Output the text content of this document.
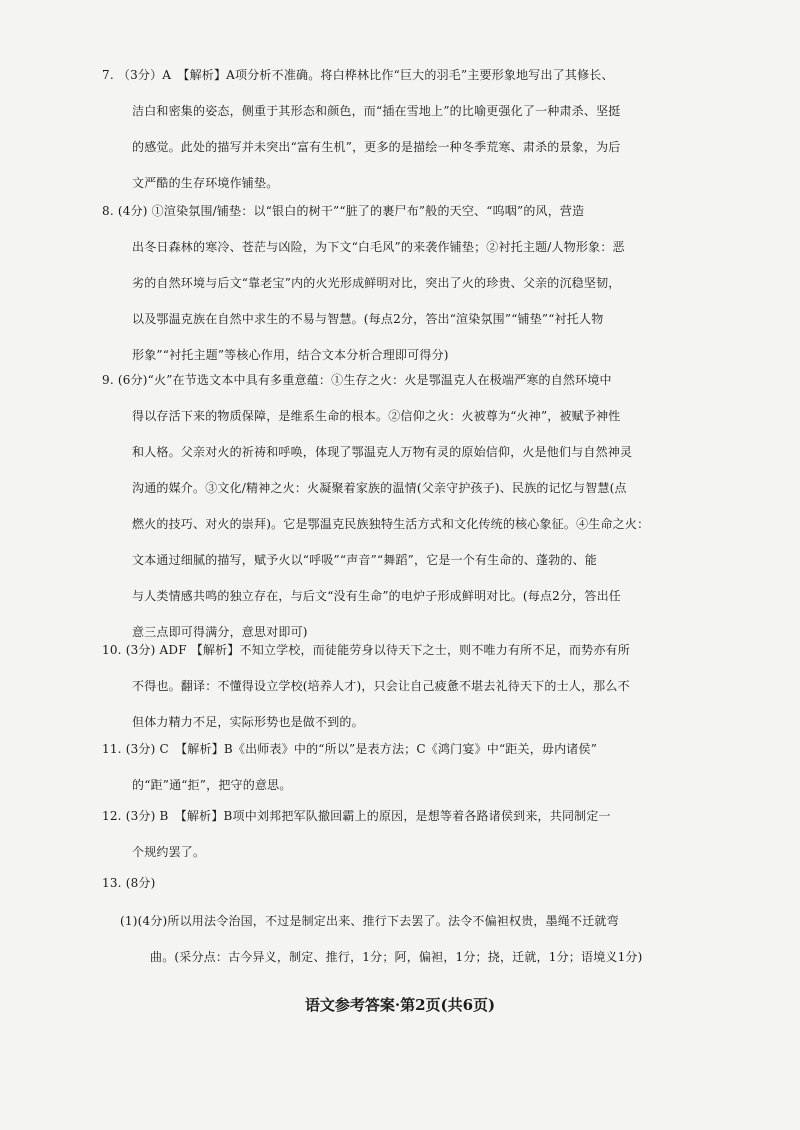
7. （3分）A　【解析】A项分析不准确。将白桦林比作“巨大的羽毛”主要形象地写出了其修长、
洁白和密集的姿态，侧重于其形态和颜色，而“插在雪地上”的比喻更强化了一种肃杀、坚挺
的感觉。此处的描写并未突出“富有生机”，更多的是描绘一种冬季荒寒、肃杀的景象，为后
文严酷的生存环境作铺垫。
8. (4分) ①渲染氛围/铺垫：以“银白的树干”“脏了的裹尸布”般的天空、“呜咽”的风，营造
出冬日森林的寒冷、苍茫与凶险，为下文“白毛风”的来袭作铺垫；②衬托主题/人物形象：恶
劣的自然环境与后文“靠老宝”内的火光形成鲜明对比，突出了火的珍贵、父亲的沉稳坚韧，
以及鄂温克族在自然中求生的不易与智慧。(每点2分，答出“渲染氛围”“铺垫”“衬托人物
形象”“衬托主题”等核心作用，结合文本分析合理即可得分)
9. (6分)“火”在节选文本中具有多重意蕴：①生存之火：火是鄂温克人在极端严寒的自然环境中
得以存活下来的物质保障，是维系生命的根本。②信仰之火：火被尊为“火神”，被赋予神性
和人格。父亲对火的祈祷和呼唤，体现了鄂温克人万物有灵的原始信仰，火是他们与自然神灵
沟通的媒介。③文化/精神之火：火凝聚着家族的温情(父亲守护孩子)、民族的记忆与智慧(点
燃火的技巧、对火的崇拜)。它是鄂温克民族独特生活方式和文化传统的核心象征。④生命之火：
文本通过细腻的描写，赋予火以“呼吸”“声音”“舞蹈”，它是一个有生命的、蓬勃的、能
与人类情感共鸣的独立存在，与后文“没有生命”的电炉子形成鲜明对比。(每点2分，答出任
意三点即可得满分，意思对即可)
10. (3分) ADF 【解析】不知立学校，而徒能劳身以待天下之士，则不唯力有所不足，而势亦有所
不得也。翻译：不懂得设立学校(培养人才)，只会让自己疲惫不堪去礼待天下的士人，那么不
但体力精力不足，实际形势也是做不到的。
11. (3分) C　【解析】B《出师表》中的“所以”是表方法；C《鸿门宴》中“距关，毋内诸侯”
的“距”通“拒”，把守的意思。
12. (3分) B　【解析】B项中刘邦把军队撤回霸上的原因，是想等着各路诸侯到来，共同制定一
个规约罢了。
13. (8分)
(1)(4分)所以用法令治国，不过是制定出来、推行下去罢了。法令不偏袒权贵，墨绳不迁就弯
曲。(采分点：古今异义，制定、推行，1分；阿，偏袒，1分；挠，迁就，1分；语境义1分)
语文参考答案·第2页(共6页)
